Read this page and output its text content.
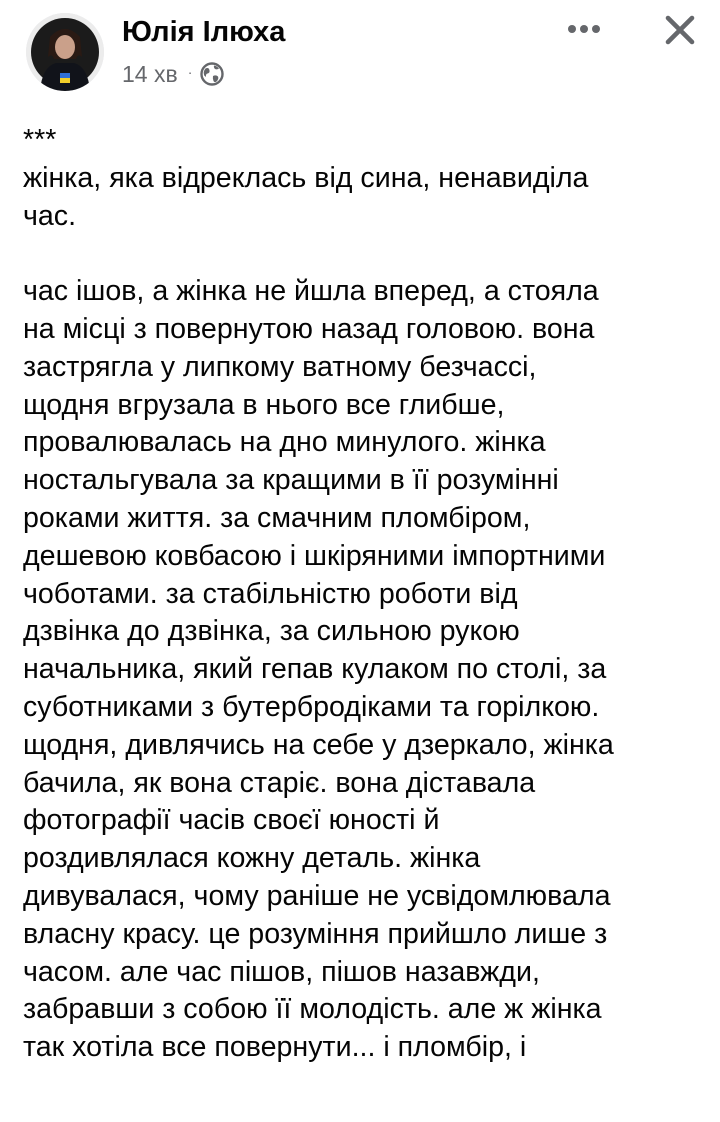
Юлія Ілюха
14 хв ·
***
жінка, яка відреклась від сина, ненавиділа
час.
час ішов, а жінка не йшла вперед, а стояла
на місці з повернутою назад головою. вона
застрягла у липкому ватному безчассі,
щодня вгрузала в нього все глибше,
провалювалась на дно минулого. жінка
ностальгувала за кращими в її розумінні
роками життя. за смачним пломбіром,
дешевою ковбасою і шкіряними імпортними
чоботами. за стабільністю роботи від
дзвінка до дзвінка, за сильною рукою
начальника, який гепав кулаком по столі, за
суботниками з бутербродіками та горілкою.
щодня, дивлячись на себе у дзеркало, жінка
бачила, як вона старіє. вона діставала
фотографії часів своєї юності й
роздивлялася кожну деталь. жінка
дивувалася, чому раніше не усвідомлювала
власну красу. це розуміння прийшло лише з
часом. але час пішов, пішов назавжди,
забравши з собою її молодість. але ж жінка
так хотіла все повернути... і пломбір, і
